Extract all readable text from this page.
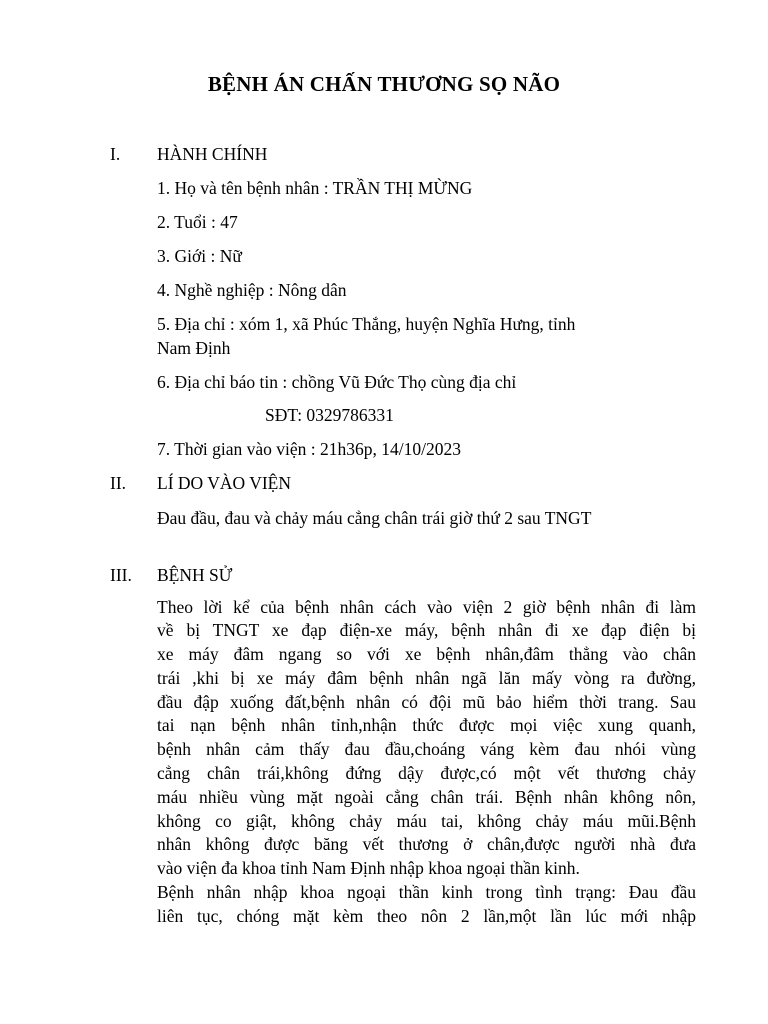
BỆNH ÁN CHẤN THƯƠNG SỌ NÃO
I. HÀNH CHÍNH
1. Họ và tên bệnh nhân : TRẦN THỊ MỪNG
2. Tuổi : 47
3. Giới : Nữ
4. Nghề nghiệp : Nông dân
5. Địa chỉ : xóm 1, xã Phúc Thắng, huyện Nghĩa Hưng, tỉnh
Nam Định
6. Địa chỉ báo tin : chồng Vũ Đức Thọ cùng địa chỉ
SĐT: 0329786331
7. Thời gian vào viện : 21h36p, 14/10/2023
II. LÍ DO VÀO VIỆN
Đau đầu, đau và chảy máu cẳng chân trái giờ thứ 2 sau TNGT
III. BỆNH SỬ
Theo lời kể của bệnh nhân cách vào viện 2 giờ bệnh nhân đi làm
về bị TNGT xe đạp điện-xe máy, bệnh nhân đi xe đạp điện bị
xe máy đâm ngang so với xe bệnh nhân,đâm thẳng vào chân
trái ,khi bị xe máy đâm bệnh nhân ngã lăn mấy vòng ra đường,
đầu đập xuống đất,bệnh nhân có đội mũ bảo hiểm thời trang. Sau
tai nạn bệnh nhân tỉnh,nhận thức được mọi việc xung quanh,
bệnh nhân cảm thấy đau đầu,choáng váng kèm đau nhói vùng
cẳng chân trái,không đứng dậy được,có một vết thương chảy
máu nhiều vùng mặt ngoài cẳng chân trái. Bệnh nhân không nôn,
không co giật, không chảy máu tai, không chảy máu mũi.Bệnh
nhân không được băng vết thương ở chân,được người nhà đưa
vào viện đa khoa tỉnh Nam Định nhập khoa ngoại thần kinh.
Bệnh nhân nhập khoa ngoại thần kinh trong tình trạng: Đau đầu
liên tục, chóng mặt kèm theo nôn 2 lần,một lần lúc mới nhập
